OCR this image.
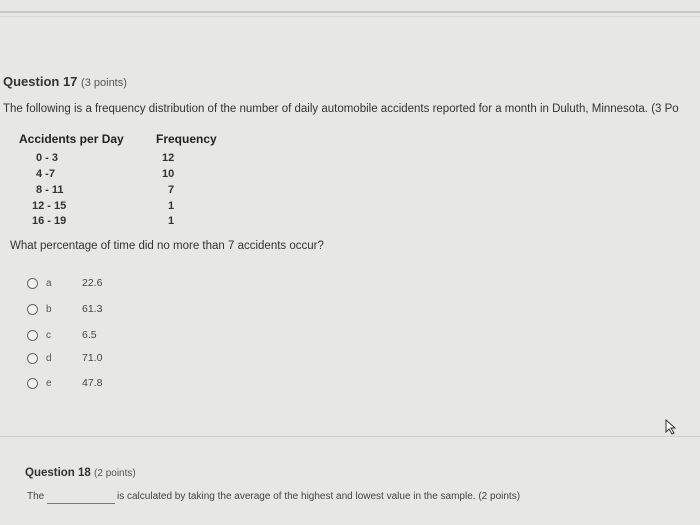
Question 17 (3 points)
The following is a frequency distribution of the number of daily automobile accidents reported for a month in Duluth, Minnesota. (3 Po
Accidents per Day	Frequency
0 - 3	12
4 -7	10
8 - 11	7
12 - 15	1
16 - 19	1
What percentage of time did no more than 7 accidents occur?
a	22.6
b	61.3
c	6.5
d	71.0
e	47.8
Question 18 (2 points)
The	is calculated by taking the average of the highest and lowest value in the sample. (2 points)
